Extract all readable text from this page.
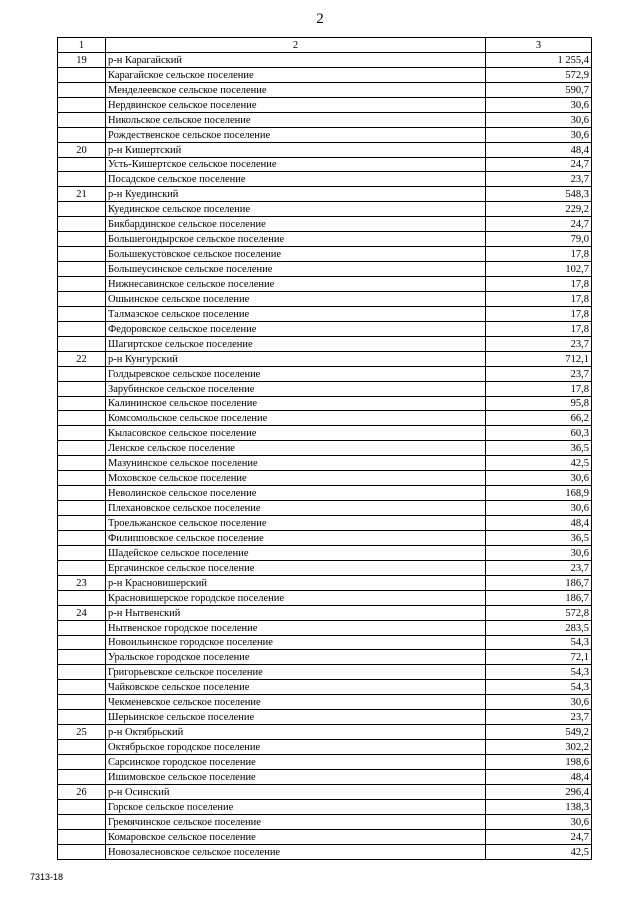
2
1	2	3
19	р-н Карагайский	1 255,4
	Карагайское сельское поселение	572,9
	Менделеевское сельское поселение	590,7
	Нердвинское сельское поселение	30,6
	Никольское сельское поселение	30,6
	Рождественское сельское поселение	30,6
20	р-н Кишертский	48,4
	Усть-Кишертское сельское поселение	24,7
	Посадское сельское поселение	23,7
21	р-н Куединский	548,3
	Куединское сельское поселение	229,2
	Бикбардинское сельское поселение	24,7
	Большегондырское сельское поселение	79,0
	Большекустовское сельское поселение	17,8
	Большеусинское сельское поселение	102,7
	Нижнесавинское сельское поселение	17,8
	Ошьинское сельское поселение	17,8
	Талмазское сельское поселение	17,8
	Федоровское сельское поселение	17,8
	Шагиртское сельское поселение	23,7
22	р-н Кунгурский	712,1
	Голдыревское сельское поселение	23,7
	Зарубинское сельское поселение	17,8
	Калининское сельское поселение	95,8
	Комсомольское сельское поселение	66,2
	Кыласовское сельское поселение	60,3
	Ленское сельское поселение	36,5
	Мазунинское сельское поселение	42,5
	Моховское сельское поселение	30,6
	Неволинское сельское поселение	168,9
	Плехановское сельское поселение	30,6
	Троельжанское сельское поселение	48,4
	Филипповское сельское поселение	36,5
	Шадейское сельское поселение	30,6
	Ергачинское сельское поселение	23,7
23	р-н Красновишерский	186,7
	Красновишерское городское поселение	186,7
24	р-н Нытвенский	572,8
	Нытвенское городское поселение	283,5
	Новоильинское городское поселение	54,3
	Уральское городское поселение	72,1
	Григорьевское сельское поселение	54,3
	Чайковское сельское поселение	54,3
	Чекменевское сельское поселение	30,6
	Шерьинское сельское поселение	23,7
25	р-н Октябрьский	549,2
	Октябрьское городское поселение	302,2
	Сарсинское городское поселение	198,6
	Ишимовское сельское поселение	48,4
26	р-н Осинский	296,4
	Горское сельское поселение	138,3
	Гремячинское сельское поселение	30,6
	Комаровское сельское поселение	24,7
	Новозалесновское сельское поселение	42,5
7313-18
